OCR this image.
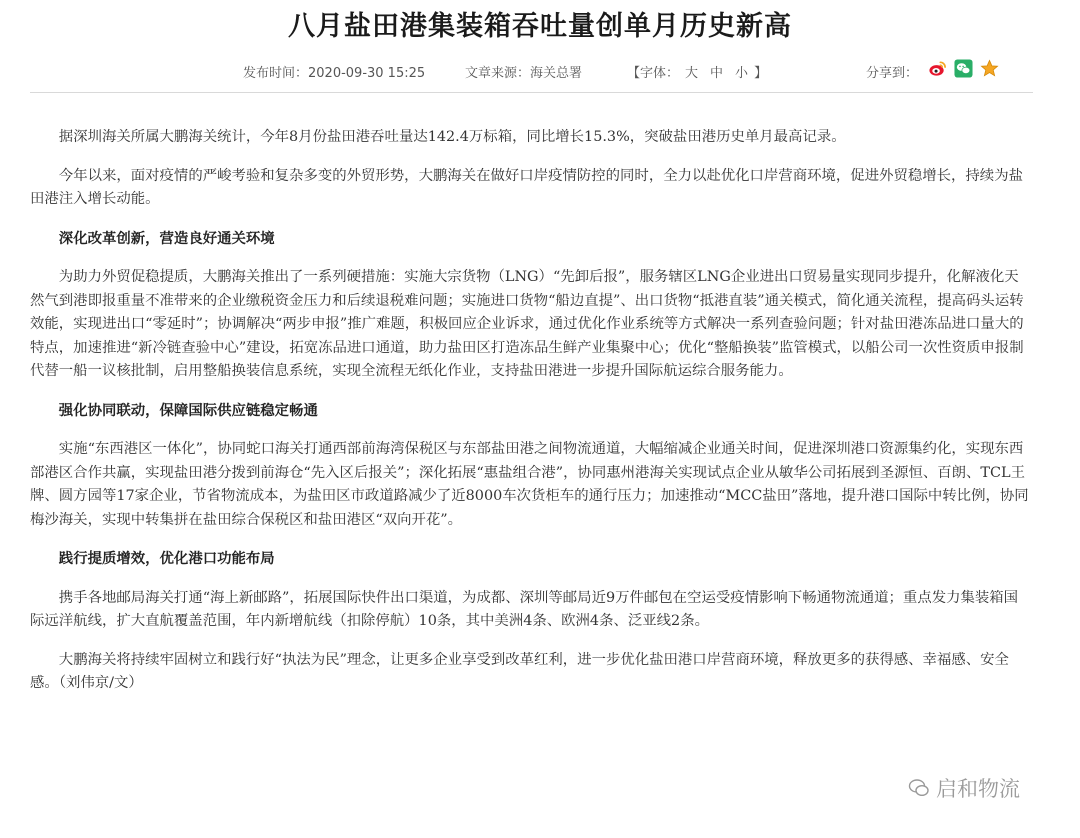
八月盐田港集装箱吞吐量创单月历史新高
发布时间：2020-09-30 15:25	文章来源：海关总署	【字体： 大 中 小 】	分享到：

据深圳海关所属大鹏海关统计，今年8月份盐田港吞吐量达142.4万标箱，同比增长15.3%，突破盐田港历史单月最高记录。

今年以来，面对疫情的严峻考验和复杂多变的外贸形势，大鹏海关在做好口岸疫情防控的同时，全力以赴优化口岸营商环境，促进外贸稳增长，持续为盐田港注入增长动能。

深化改革创新，营造良好通关环境

为助力外贸促稳提质，大鹏海关推出了一系列硬措施：实施大宗货物（LNG）“先卸后报”，服务辖区LNG企业进出口贸易量实现同步提升，化解液化天然气到港即报重量不准带来的企业缴税资金压力和后续退税难问题；实施进口货物“船边直提”、出口货物“抵港直装”通关模式，简化通关流程，提高码头运转效能，实现进出口“零延时”；协调解决“两步申报”推广难题，积极回应企业诉求，通过优化作业系统等方式解决一系列查验问题；针对盐田港冻品进口量大的特点，加速推进“新冷链查验中心”建设，拓宽冻品进口通道，助力盐田区打造冻品生鲜产业集聚中心；优化“整船换装”监管模式，以船公司一次性资质申报制代替一船一议核批制，启用整船换装信息系统，实现全流程无纸化作业，支持盐田港进一步提升国际航运综合服务能力。

强化协同联动，保障国际供应链稳定畅通

实施“东西港区一体化”，协同蛇口海关打通西部前海湾保税区与东部盐田港之间物流通道，大幅缩减企业通关时间，促进深圳港口资源集约化，实现东西部港区合作共赢，实现盐田港分拨到前海仓“先入区后报关”；深化拓展“惠盐组合港”，协同惠州港海关实现试点企业从敏华公司拓展到圣源恒、百朗、TCL王牌、圆方园等17家企业，节省物流成本，为盐田区市政道路减少了近8000车次货柜车的通行压力；加速推动“MCC盐田”落地，提升港口国际中转比例，协同梅沙海关，实现中转集拼在盐田综合保税区和盐田港区“双向开花”。

践行提质增效，优化港口功能布局

携手各地邮局海关打通“海上新邮路”，拓展国际快件出口渠道，为成都、深圳等邮局近9万件邮包在空运受疫情影响下畅通物流通道；重点发力集装箱国际远洋航线，扩大直航覆盖范围，年内新增航线（扣除停航）10条，其中美洲4条、欧洲4条、泛亚线2条。

大鹏海关将持续牢固树立和践行好“执法为民”理念，让更多企业享受到改革红利，进一步优化盐田港口岸营商环境，释放更多的获得感、幸福感、安全感。（刘伟京/文）

启和物流
